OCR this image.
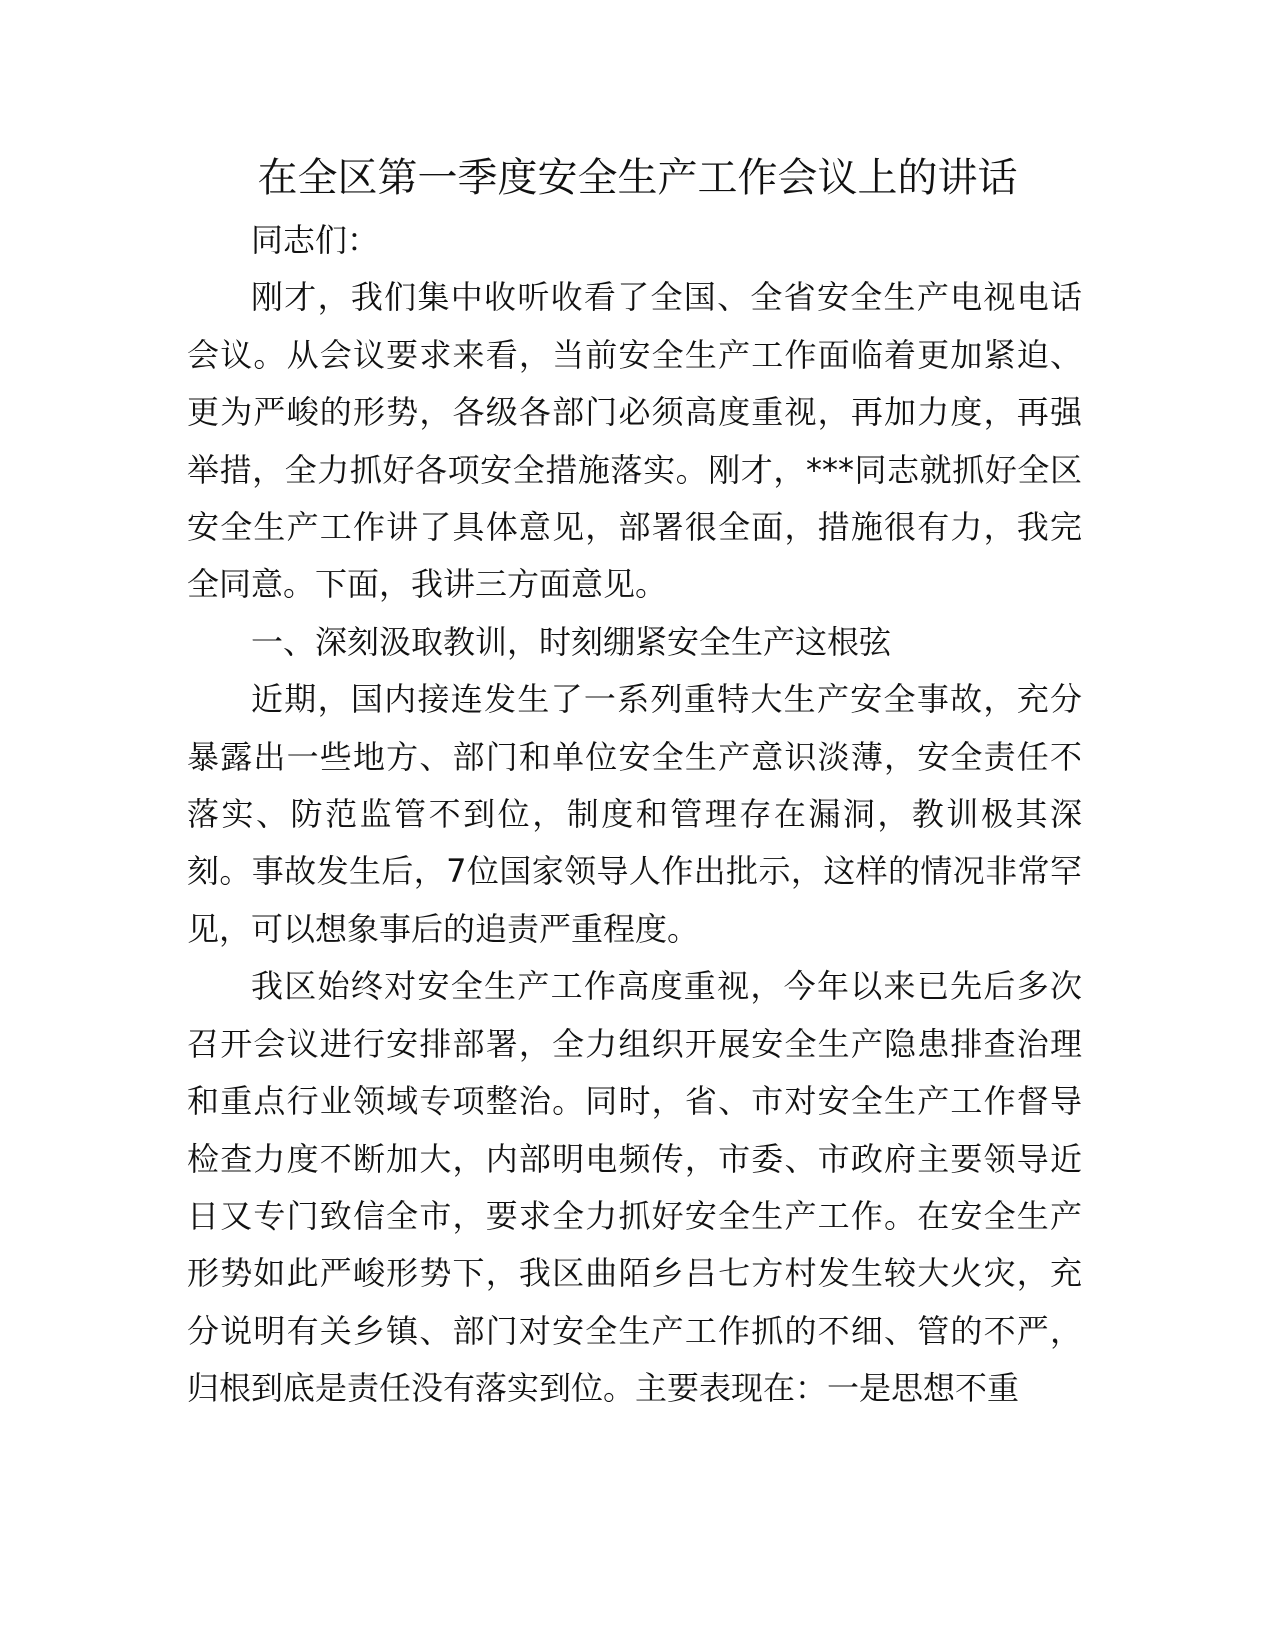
在全区第一季度安全生产工作会议上的讲话

同志们：

刚才，我们集中收听收看了全国、全省安全生产电视电话会议。从会议要求来看，当前安全生产工作面临着更加紧迫、更为严峻的形势，各级各部门必须高度重视，再加力度，再强举措，全力抓好各项安全措施落实。刚才，***同志就抓好全区安全生产工作讲了具体意见，部署很全面，措施很有力，我完全同意。下面，我讲三方面意见。

一、深刻汲取教训，时刻绷紧安全生产这根弦

近期，国内接连发生了一系列重特大生产安全事故，充分暴露出一些地方、部门和单位安全生产意识淡薄，安全责任不落实、防范监管不到位，制度和管理存在漏洞，教训极其深刻。事故发生后，7位国家领导人作出批示，这样的情况非常罕见，可以想象事后的追责严重程度。

我区始终对安全生产工作高度重视，今年以来已先后多次召开会议进行安排部署，全力组织开展安全生产隐患排查治理和重点行业领域专项整治。同时，省、市对安全生产工作督导检查力度不断加大，内部明电频传，市委、市政府主要领导近日又专门致信全市，要求全力抓好安全生产工作。在安全生产形势如此严峻形势下，我区曲陌乡吕七方村发生较大火灾，充分说明有关乡镇、部门对安全生产工作抓的不细、管的不严，归根到底是责任没有落实到位。主要表现在：一是思想不重
